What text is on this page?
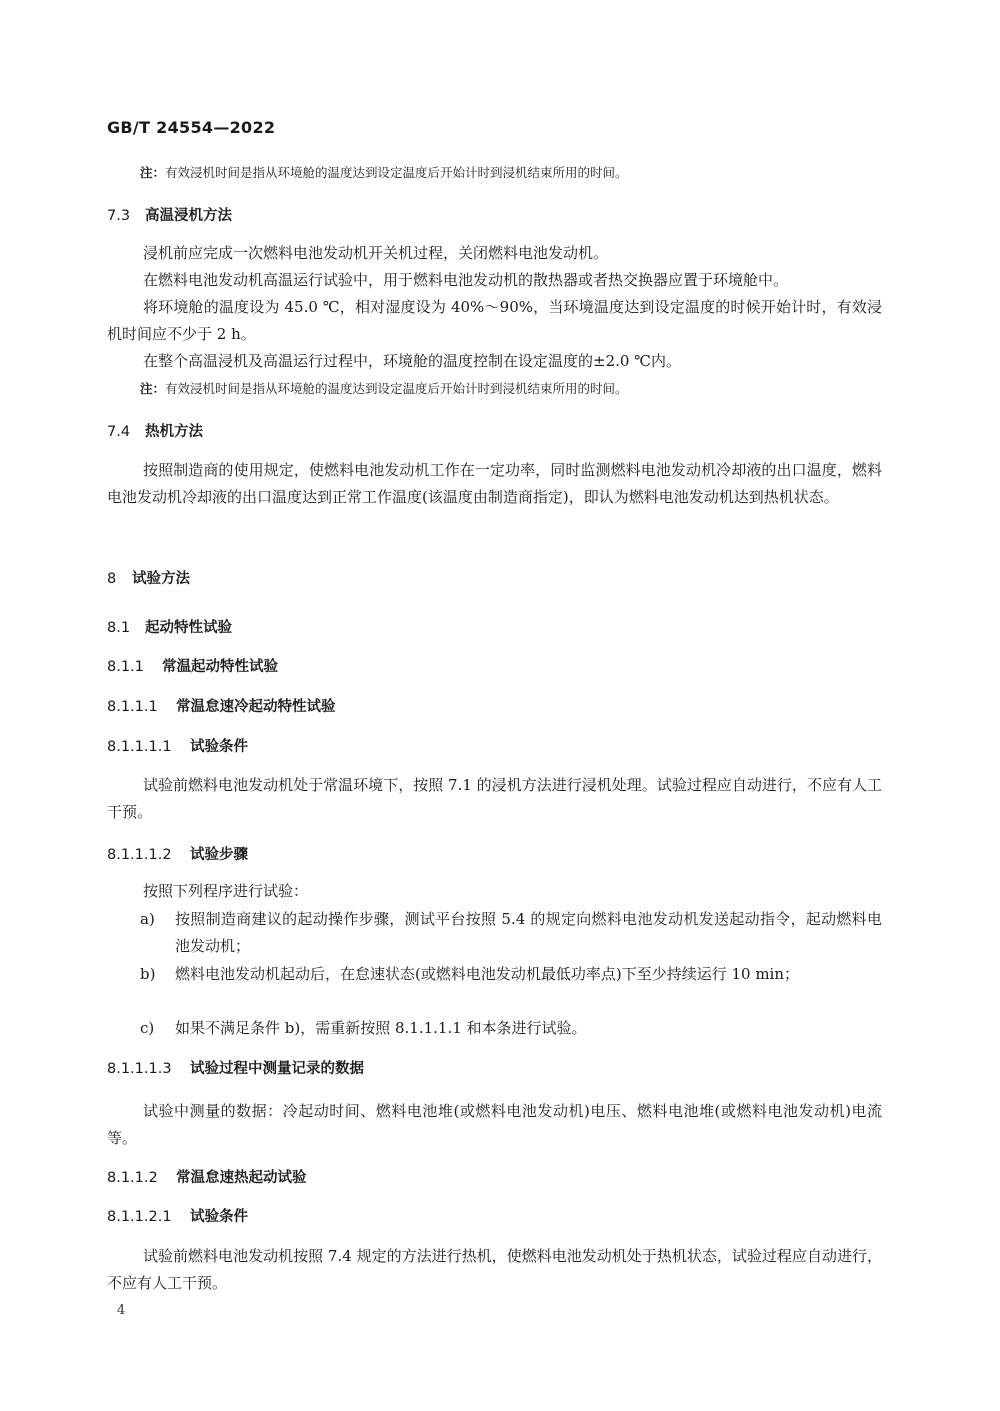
GB/T 24554—2022
注：有效浸机时间是指从环境舱的温度达到设定温度后开始计时到浸机结束所用的时间。
7.3 高温浸机方法
浸机前应完成一次燃料电池发动机开关机过程，关闭燃料电池发动机。
在燃料电池发动机高温运行试验中，用于燃料电池发动机的散热器或者热交换器应置于环境舱中。
将环境舱的温度设为 45.0 ℃，相对湿度设为 40%～90%，当环境温度达到设定温度的时候开始计时，有效浸机时间应不少于 2 h。
在整个高温浸机及高温运行过程中，环境舱的温度控制在设定温度的±2.0 ℃内。
注：有效浸机时间是指从环境舱的温度达到设定温度后开始计时到浸机结束所用的时间。
7.4 热机方法
按照制造商的使用规定，使燃料电池发动机工作在一定功率，同时监测燃料电池发动机冷却液的出口温度，燃料电池发动机冷却液的出口温度达到正常工作温度(该温度由制造商指定)，即认为燃料电池发动机达到热机状态。
8 试验方法
8.1 起动特性试验
8.1.1 常温起动特性试验
8.1.1.1 常温怠速冷起动特性试验
8.1.1.1.1 试验条件
试验前燃料电池发动机处于常温环境下，按照 7.1 的浸机方法进行浸机处理。试验过程应自动进行，不应有人工干预。
8.1.1.1.2 试验步骤
按照下列程序进行试验：
a) 按照制造商建议的起动操作步骤，测试平台按照 5.4 的规定向燃料电池发动机发送起动指令，起动燃料电池发动机；
b) 燃料电池发动机起动后，在怠速状态(或燃料电池发动机最低功率点)下至少持续运行 10 min；
c) 如果不满足条件 b)，需重新按照 8.1.1.1.1 和本条进行试验。
8.1.1.1.3 试验过程中测量记录的数据
试验中测量的数据：冷起动时间、燃料电池堆(或燃料电池发动机)电压、燃料电池堆(或燃料电池发动机)电流等。
8.1.1.2 常温怠速热起动试验
8.1.1.2.1 试验条件
试验前燃料电池发动机按照 7.4 规定的方法进行热机，使燃料电池发动机处于热机状态，试验过程应自动进行，不应有人工干预。
4
